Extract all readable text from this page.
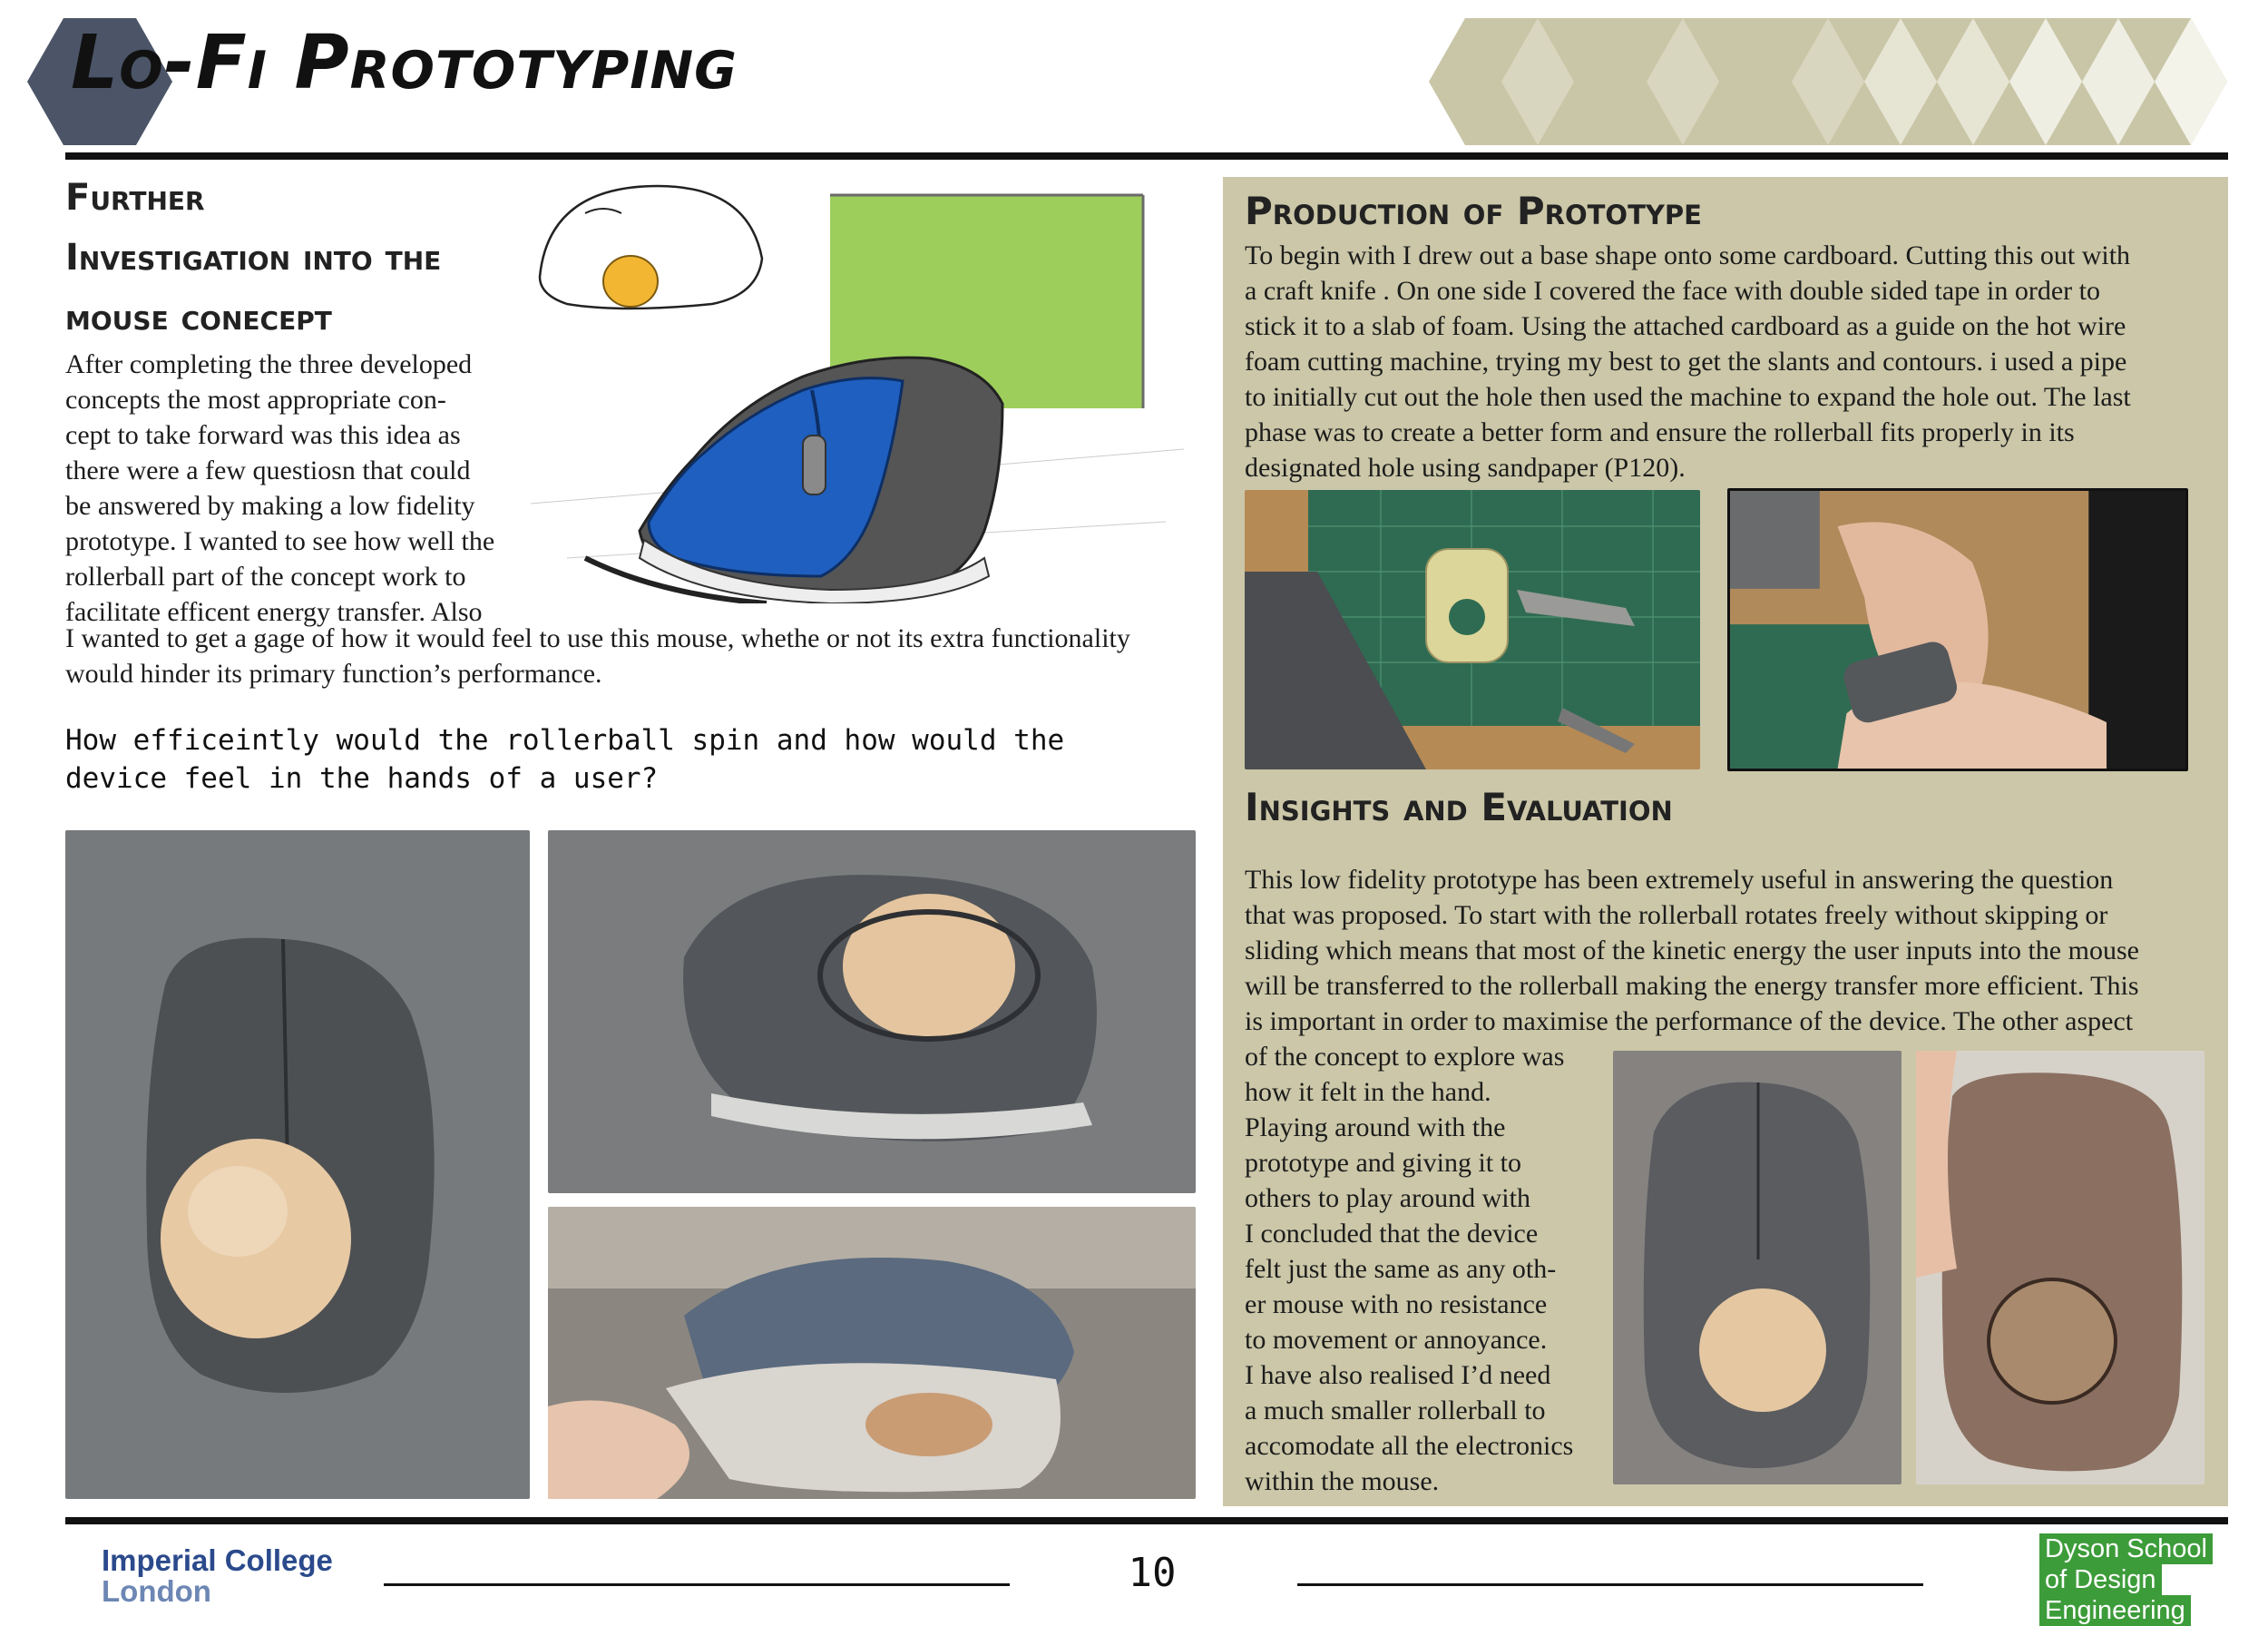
Lo-Fi Prototyping
Further
Investigation into the
mouse conecept
After completing the three developed
concepts the most appropriate con-
cept to take forward was this idea as
there were a few questiosn that could
be answered by making a low fidelity
prototype. I wanted to see how well the
rollerball part of the concept work to
facilitate efficent energy transfer. Also
I wanted to get a gage of how it would feel to use this mouse, whethe or not its extra functionality
would hinder its primary function’s performance.
How efficeintly would the rollerball spin and how would the
device feel in the hands of a user?
Production of Prototype
To begin with I drew out a base shape onto some cardboard. Cutting this out with
a craft knife . On one side I covered the face with double sided tape in order to
stick it to a slab of foam. Using the attached cardboard as a guide on the hot wire
foam cutting machine, trying my best to get the slants and contours. i used a pipe
to initially cut out the hole then used the machine to expand the hole out. The last
phase was to create a better form and ensure the rollerball fits properly in its
designated hole using sandpaper (P120).
Insights and Evaluation
This low fidelity prototype has been extremely useful in answering the question
that was proposed. To start with the rollerball rotates freely without skipping or
sliding which means that most of the kinetic energy the user inputs into the mouse
will be transferred to the rollerball making the energy transfer more efficient. This
is important in order to maximise the performance of the device. The other aspect
of the concept to explore was
how it felt in the hand.
Playing around with the
prototype and giving it to
others to play around with
I concluded that the device
felt just the same as any oth-
er mouse with no resistance
to movement or annoyance.
I have also realised I’d need
a much smaller rollerball to
accomodate all the electronics
within the mouse.
Imperial College
London	10
Dyson School
of Design
Engineering
